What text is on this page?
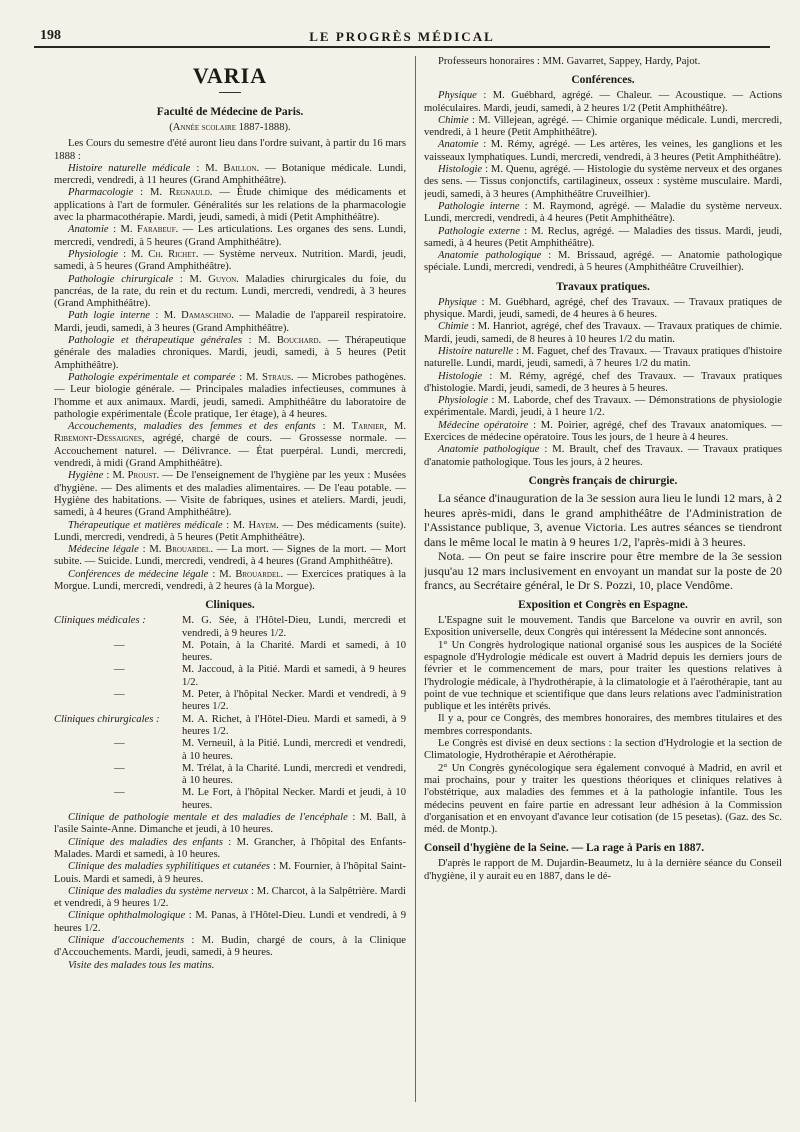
198	LE PROGRÈS MÉDICAL
VARIA
Faculté de Médecine de Paris.
(Année scolaire 1887-1888).

Les Cours du semestre d'été auront lieu dans l'ordre suivant, à partir du 16 mars 1888 :

Histoire naturelle médicale : M. Baillon. — Botanique médicale. Lundi, mercredi, vendredi, à 11 heures (Grand Amphithéâtre).

Pharmacologie : M. Regnauld. — Étude chimique des médicaments et applications à l'art de formuler. Généralités sur les relations de la pharmacologie avec la pharmacothérapie. Mardi, jeudi, samedi, à midi (Petit Amphithéâtre).

Anatomie : M. Farabeuf. — Les articulations. Les organes des sens. Lundi, mercredi, vendredi, à 5 heures (Grand Amphithéâtre).

Physiologie : M. Ch. Richet. — Système nerveux. Nutrition. Mardi, jeudi, samedi, à 5 heures (Grand Amphithéâtre).

Pathologie chirurgicale : M. Guyon. Maladies chirurgicales du foie, du pancréas, de la rate, du rein et du rectum. Lundi, mercredi, vendredi, à 3 heures (Grand Amphithéâtre).

Path logie interne : M. Damaschino. — Maladie de l'appareil respiratoire. Mardi, jeudi, samedi, à 3 heures (Grand Amphithéâtre).

Pathologie et thérapeutique générales : M. Bouchard. — Thérapeutique générale des maladies chroniques. Mardi, jeudi, samedi, à 5 heures (Petit Amphithéâtre).

Pathologie expérimentale et comparée : M. Straus. — Microbes pathogènes. — Leur biologie générale. — Principales maladies infectieuses, communes à l'homme et aux animaux. Mardi, jeudi, samedi. Amphithéâtre du laboratoire de pathologie expérimentale (École pratique, 1er étage), à 4 heures.

Accouchements, maladies des femmes et des enfants : M. Tarnier, M. Ribemont-Dessaignes, agrégé, chargé de cours. — Grossesse normale. — Accouchement naturel. — Délivrance. — État puerpéral. Lundi, mercredi, vendredi, à midi (Grand Amphithéâtre).

Hygiène : M. Proust. — De l'enseignement de l'hygiène par les yeux : Musées d'hygiène. — Des aliments et des maladies alimentaires. — De l'eau potable. — Hygiène des habitations. — Visite de fabriques, usines et ateliers. Mardi, jeudi, samedi, à 4 heures (Grand Amphithéâtre).

Thérapeutique et matières médicale : M. Hayem. — Des médicaments (suite). Lundi, mercredi, vendredi, à 5 heures (Petit Amphithéâtre).

Médecine légale : M. Brouardel. — La mort. — Signes de la mort. — Mort subite. — Suicide. Lundi, mercredi, vendredi, à 4 heures (Grand Amphithéâtre).

Conférences de médecine légale : M. Brouardel. — Exercices pratiques à la Morgue. Lundi, mercredi, vendredi, à 2 heures (à la Morgue).

Cliniques.

Cliniques médicales :	M. G. Sée, à l'Hôtel-Dieu, Lundi, mercredi et vendredi, à 9 heures 1/2.

—	M. Potain, à la Charité. Mardi et samedi, à 10 heures.

—	M. Jaccoud, à la Pitié. Mardi et samedi, à 9 heures 1/2.

—	M. Peter, à l'hôpital Necker. Mardi et vendredi, à 9 heures 1/2.

Cliniques chirurgicales : M. A. Richet, à l'Hôtel-Dieu. Mardi et samedi, à 9 heures 1/2.

—	M. Verneuil, à la Pitié. Lundi, mercredi et vendredi, à 10 heures.

—	M. Trélat, à la Charité. Lundi, mercredi et vendredi, à 10 heures.

—	M. Le Fort, à l'hôpital Necker. Mardi et jeudi, à 10 heures.

Clinique de pathologie mentale et des maladies de l'encéphale : M. Ball, à l'asile Sainte-Anne. Dimanche et jeudi, à 10 heures.

Clinique des maladies des enfants : M. Grancher, à l'hôpital des Enfants-Malades. Mardi et samedi, à 10 heures.

Clinique des maladies syphilitiques et cutanées : M. Fournier, à l'hôpital Saint-Louis. Mardi et samedi, à 9 heures.

Clinique des maladies du système nerveux : M. Charcot, à la Salpêtrière. Mardi et vendredi, à 9 heures 1/2.

Clinique ophthalmologique : M. Panas, à l'Hôtel-Dieu. Lundi et vendredi, à 9 heures 1/2.

Clinique d'accouchements : M. Budin, chargé de cours, à la Clinique d'Accouchements. Mardi, jeudi, samedi, à 9 heures.

Visite des malades tous les matins.

Professeurs honoraires : MM. Gavarret, Sappey, Hardy, Pajot.

Conférences.

Physique : M. Guébhard, agrégé. — Chaleur. — Acoustique. — Actions moléculaires. Mardi, jeudi, samedi, à 2 heures 1/2 (Petit Amphithéâtre).

Chimie : M. Villejean, agrégé. — Chimie organique médicale. Lundi, mercredi, vendredi, à 1 heure (Petit Amphithéâtre).

Anatomie : M. Rémy, agrégé. — Les artères, les veines, les ganglions et les vaisseaux lymphatiques. Lundi, mercredi, vendredi, à 3 heures (Petit Amphithéâtre).

Histologie : M. Quenu, agrégé. — Histologie du système nerveux et des organes des sens. — Tissus conjonctifs, cartilagineux, osseux : système musculaire. Mardi, jeudi, samedi, à 3 heures (Amphithéâtre Cruveilhier).

Pathologie interne : M. Raymond, agrégé. — Maladie du système nerveux. Lundi, mercredi, vendredi, à 4 heures (Petit Amphithéâtre).

Pathologie externe : M. Reclus, agrégé. — Maladies des tissus. Mardi, jeudi, samedi, à 4 heures (Petit Amphithéâtre).

Anatomie pathologique : M. Brissaud, agrégé. — Anatomie pathologique spéciale. Lundi, mercredi, vendredi, à 5 heures (Amphithéâtre Cruveilhier).

Travaux pratiques.

Physique : M. Guébhard, agrégé, chef des Travaux. — Travaux pratiques de physique. Mardi, jeudi, samedi, de 4 heures à 6 heures.

Chimie : M. Hanriot, agrégé, chef des Travaux. — Travaux pratiques de chimie. Mardi, jeudi, samedi, de 8 heures à 10 heures 1/2 du matin.

Histoire naturelle : M. Faguet, chef des Travaux. — Travaux pratiques d'histoire naturelle. Lundi, mardi, jeudi, samedi, à 7 heures 1/2 du matin.

Histologie : M. Rémy, agrégé, chef des Travaux. — Travaux pratiques d'histologie. Mardi, jeudi, samedi, de 3 heures à 5 heures.

Physiologie : M. Laborde, chef des Travaux. — Démonstrations de physiologie expérimentale. Mardi, jeudi, à 1 heure 1/2.

Médecine opératoire : M. Poirier, agrégé, chef des Travaux anatomiques. — Exercices de médecine opératoire. Tous les jours, de 1 heure à 4 heures.

Anatomie pathologique : M. Brault, chef des Travaux. — Travaux pratiques d'anatomie pathologique. Tous les jours, à 2 heures.

Congrès français de chirurgie.

La séance d'inauguration de la 3e session aura lieu le lundi 12 mars, à 2 heures après-midi, dans le grand amphithéâtre de l'Administration de l'Assistance publique, 3, avenue Victoria. Les autres séances se tiendront dans le même local le matin à 9 heures 1/2, l'après-midi à 3 heures.

Nota. — On peut se faire inscrire pour être membre de la 3e session jusqu'au 12 mars inclusivement en envoyant un mandat sur la poste de 20 francs, au Secrétaire général, le Dr S. Pozzi, 10, place Vendôme.

Exposition et Congrès en Espagne.

L'Espagne suit le mouvement. Tandis que Barcelone va ouvrir en avril, son Exposition universelle, deux Congrès qui intéressent la Médecine sont annoncés.

1° Un Congrès hydrologique national organisé sous les auspices de la Société espagnole d'Hydrologie médicale est ouvert à Madrid depuis les derniers jours de février et le commencement de mars, pour traiter les questions relatives à l'hydrologie médicale, à l'hydrothérapie, à la climatologie et à l'aérothérapie, tant au point de vue technique et scientifique que dans leurs relations avec l'administration publique et les intérêts privés.

Il y a, pour ce Congrès, des membres honoraires, des membres titulaires et des membres correspondants.

Le Congrès est divisé en deux sections : la section d'Hydrologie et la section de Climatologie, Hydrothérapie et Aérothérapie.

2° Un Congrès gynécologique sera également convoqué à Madrid, en avril et mai prochains, pour y traiter les questions théoriques et cliniques relatives à l'obstétrique, aux maladies des femmes et à la pathologie infantile. Tous les médecins peuvent en faire partie en adressant leur adhésion à la Commission d'organisation et en envoyant d'avance leur cotisation (de 15 pesetas). (Gaz. des Sc. méd. de Montp.).

Conseil d'hygiène de la Seine. — La rage à Paris en 1887.

D'après le rapport de M. Dujardin-Beaumetz, lu à la dernière séance du Conseil d'hygiène, il y aurait eu en 1887, dans le dé-
